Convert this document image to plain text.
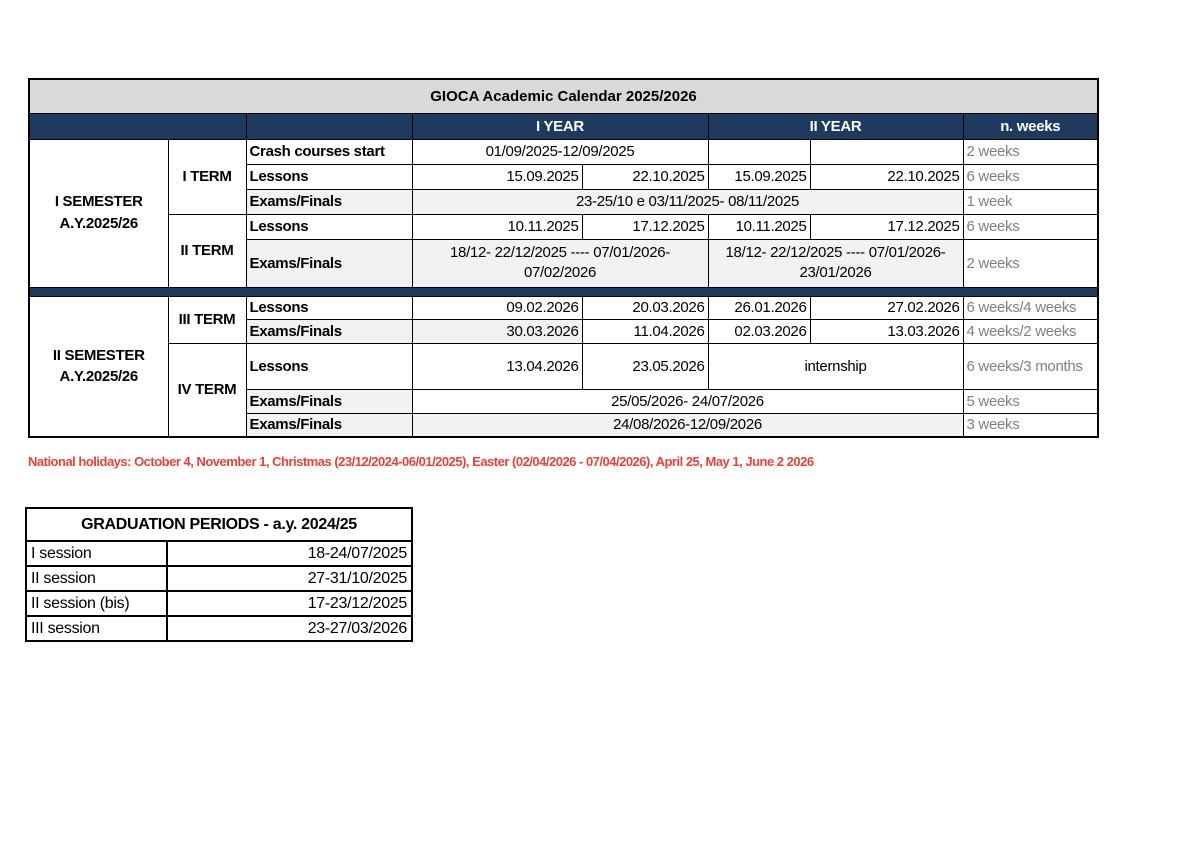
GIOCA Academic Calendar 2025/2026							
			I YEAR		II YEAR		n. weeks

I SEMESTER
A.Y.2025/26	I TERM	Crash courses start	01/09/2025-12/09/2025				2 weeks
		Lessons	15.09.2025	22.10.2025	15.09.2025	22.10.2025	6 weeks
		Exams/Finals	23-25/10 e 03/11/2025- 08/11/2025				1 week
	II TERM	Lessons	10.11.2025	17.12.2025	10.11.2025	17.12.2025	6 weeks
		Exams/Finals	18/12- 22/12/2025 ---- 07/01/2026- 07/02/2026		18/12- 22/12/2025 ---- 07/01/2026- 23/01/2026		2 weeks

II SEMESTER
A.Y.2025/26	III TERM	Lessons	09.02.2026	20.03.2026	26.01.2026	27.02.2026	6 weeks/4 weeks
		Exams/Finals	30.03.2026	11.04.2026	02.03.2026	13.03.2026	4 weeks/2 weeks
	IV TERM	Lessons	13.04.2026	23.05.2026	internship		6 weeks/3 months
		Exams/Finals	25/05/2026- 24/07/2026				5 weeks
		Exams/Finals	24/08/2026-12/09/2026				3 weeks
National holidays: October 4, November 1, Christmas (23/12/2024-06/01/2025), Easter (02/04/2026 - 07/04/2026), April 25, May 1, June 2 2026
GRADUATION PERIODS - a.y. 2024/25	
I session	18-24/07/2025
II session	27-31/10/2025
II session (bis)	17-23/12/2025
III session	23-27/03/2026
